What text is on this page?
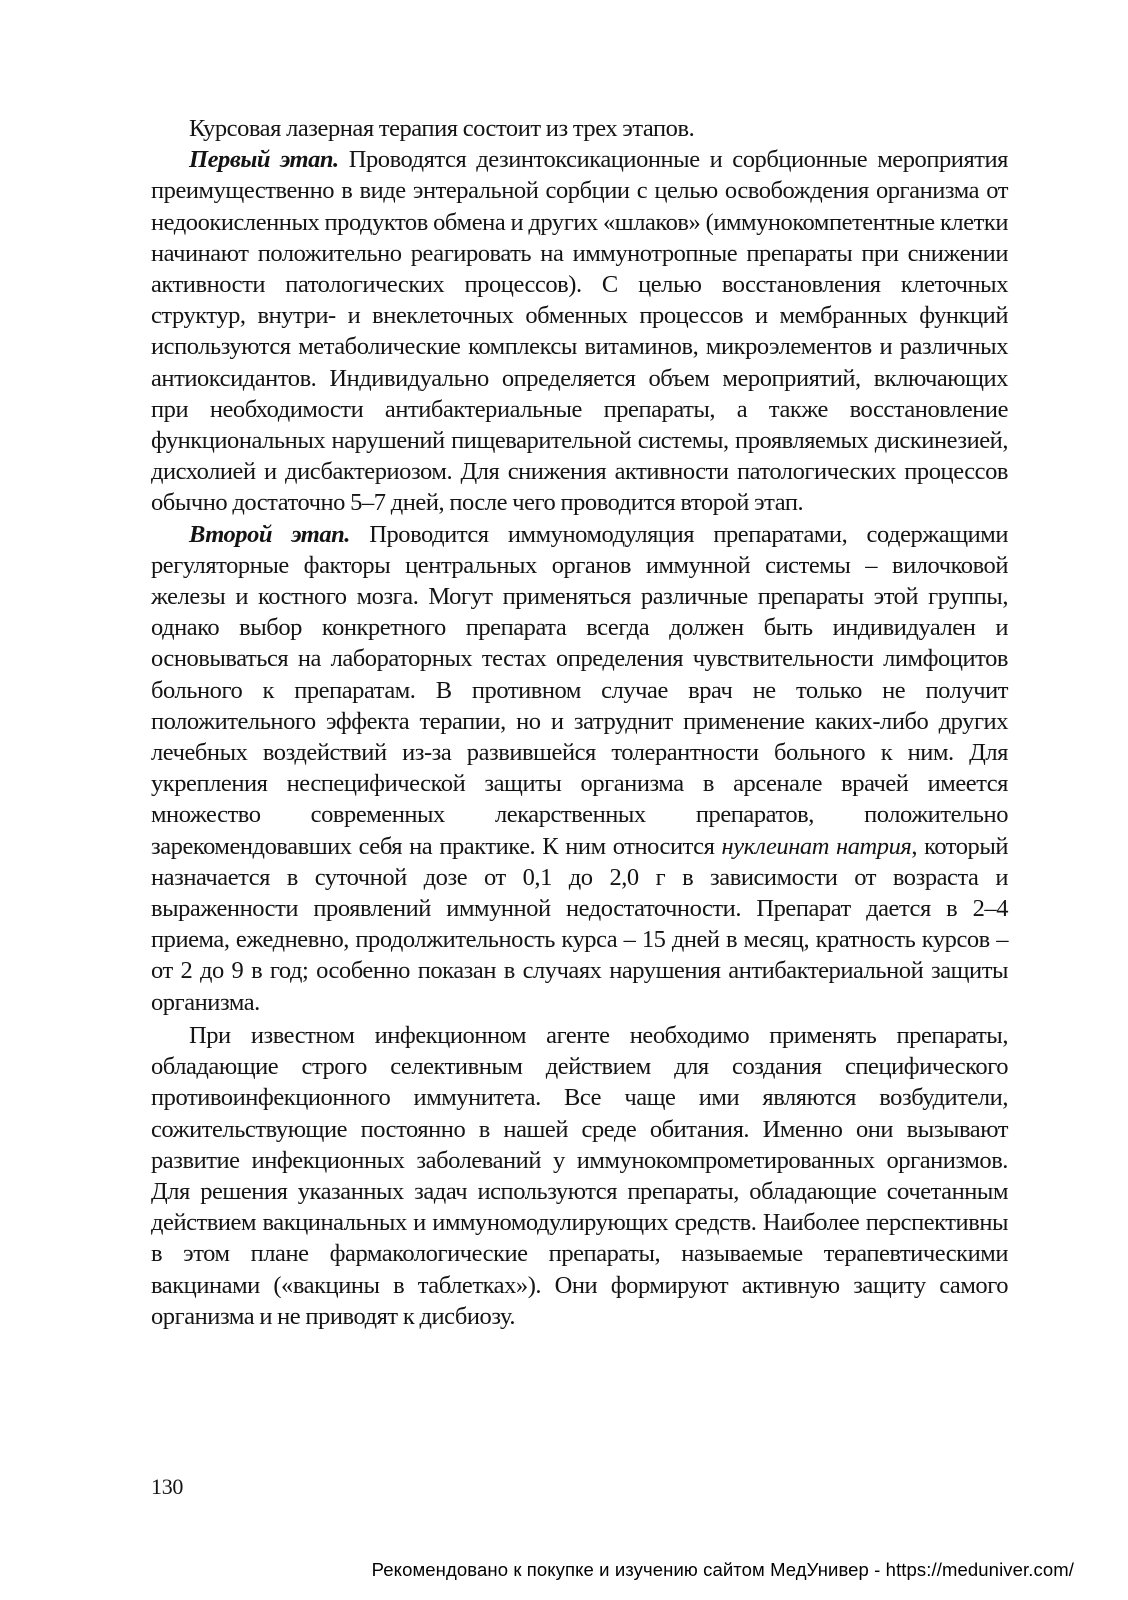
Курсовая лазерная терапия состоит из трех этапов.

Первый этап. Проводятся дезинтоксикационные и сорбционные мероприятия преимущественно в виде энтеральной сорбции с целью освобождения организма от недоокисленных продуктов обмена и других «шлаков» (иммунокомпетентные клетки начинают положительно реагировать на иммунотропные препараты при снижении активности патологических процессов). С целью восстановления клеточных структур, внутри- и внеклеточных обменных процессов и мембранных функций используются метаболические комплексы витаминов, микроэлементов и различных антиоксидантов. Индивидуально определяется объем мероприятий, включающих при необходимости антибактериальные препараты, а также восстановление функциональных нарушений пищеварительной системы, проявляемых дискинезией, дисхолией и дисбактериозом. Для снижения активности патологических процессов обычно достаточно 5–7 дней, после чего проводится второй этап.

Второй этап. Проводится иммуномодуляция препаратами, содержащими регуляторные факторы центральных органов иммунной системы – вилочковой железы и костного мозга. Могут применяться различные препараты этой группы, однако выбор конкретного препарата всегда должен быть индивидуален и основываться на лабораторных тестах определения чувствительности лимфоцитов больного к препаратам. В противном случае врач не только не получит положительного эффекта терапии, но и затруднит применение каких-либо других лечебных воздействий из-за развившейся толерантности больного к ним. Для укрепления неспецифической защиты организма в арсенале врачей имеется множество современных лекарственных препаратов, положительно зарекомендовавших себя на практике. К ним относится нуклеинат натрия, который назначается в суточной дозе от 0,1 до 2,0 г в зависимости от возраста и выраженности проявлений иммунной недостаточности. Препарат дается в 2–4 приема, ежедневно, продолжительность курса – 15 дней в месяц, кратность курсов – от 2 до 9 в год; особенно показан в случаях нарушения антибактериальной защиты организма.

При известном инфекционном агенте необходимо применять препараты, обладающие строго селективным действием для создания специфического противоинфекционного иммунитета. Все чаще ими являются возбудители, сожительствующие постоянно в нашей среде обитания. Именно они вызывают развитие инфекционных заболеваний у иммунокомпрометированных организмов. Для решения указанных задач используются препараты, обладающие сочетанным действием вакцинальных и иммуномодулирующих средств. Наиболее перспективны в этом плане фармакологические препараты, называемые терапевтическими вакцинами («вакцины в таблетках»). Они формируют активную защиту самого организма и не приводят к дисбиозу.

130
Рекомендовано к покупке и изучению сайтом МедУнивер - https://meduniver.com/
